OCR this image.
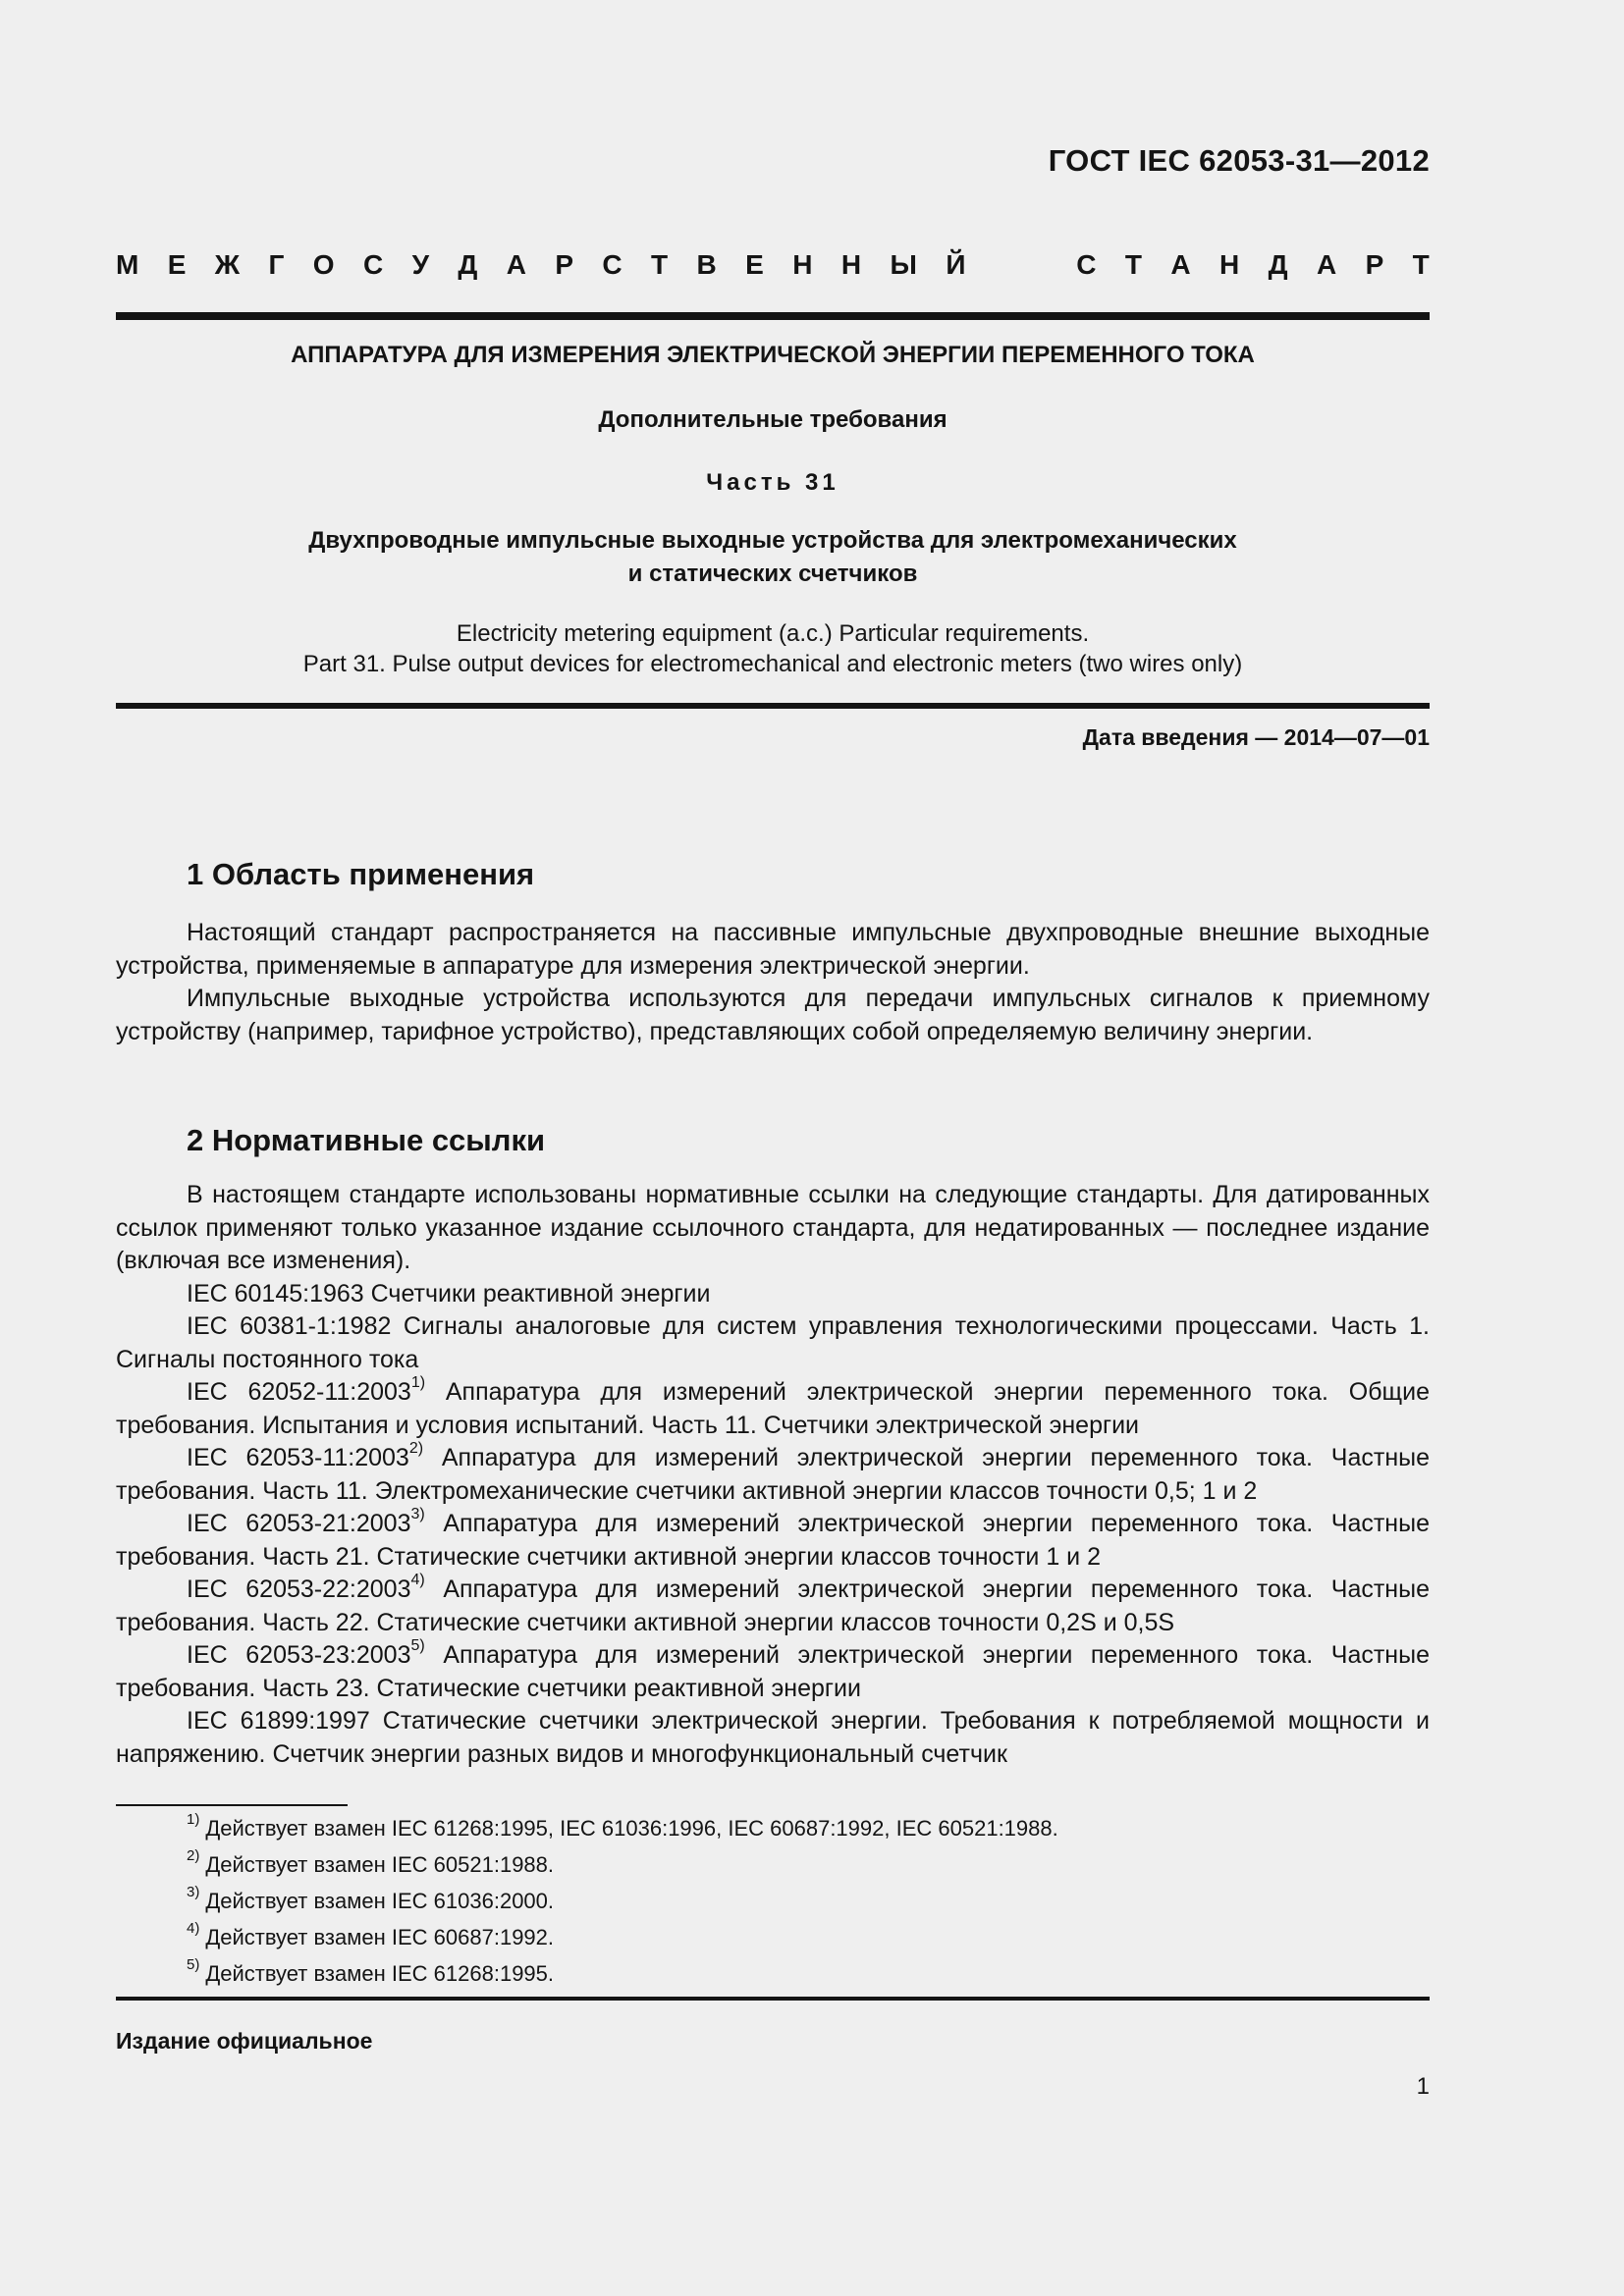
ГОСТ IEC 62053-31—2012
М Е Ж Г О С У Д А Р С Т В Е Н Н Ы Й	С Т А Н Д А Р Т
АППАРАТУРА ДЛЯ ИЗМЕРЕНИЯ ЭЛЕКТРИЧЕСКОЙ ЭНЕРГИИ ПЕРЕМЕННОГО ТОКА
Дополнительные требования
Часть 31
Двухпроводные импульсные выходные устройства для электромеханических
и статических счетчиков
Electricity metering equipment (a.c.) Particular requirements.
Part 31. Pulse output devices for electromechanical and electronic meters (two wires only)
Дата введения — 2014—07—01
1 Область применения

Настоящий стандарт распространяется на пассивные импульсные двухпроводные внешние выходные устройства, применяемые в аппаратуре для измерения электрической энергии.

Импульсные выходные устройства используются для передачи импульсных сигналов к приемному устройству (например, тарифное устройство), представляющих собой определяемую величину энергии.

2 Нормативные ссылки

В настоящем стандарте использованы нормативные ссылки на следующие стандарты. Для датированных ссылок применяют только указанное издание ссылочного стандарта, для недатированных — последнее издание (включая все изменения).

IEC 60145:1963 Счетчики реактивной энергии

IEC 60381-1:1982 Сигналы аналоговые для систем управления технологическими процессами. Часть 1. Сигналы постоянного тока

IEC 62052-11:2003$^{1)}$ Аппаратура для измерений электрической энергии переменного тока. Общие требования. Испытания и условия испытаний. Часть 11. Счетчики электрической энергии

IEC 62053-11:2003$^{2)}$ Аппаратура для измерений электрической энергии переменного тока. Частные требования. Часть 11. Электромеханические счетчики активной энергии классов точности 0,5; 1 и 2

IEC 62053-21:2003$^{3)}$ Аппаратура для измерений электрической энергии переменного тока. Частные требования. Часть 21. Статические счетчики активной энергии классов точности 1 и 2

IEC 62053-22:2003$^{4)}$ Аппаратура для измерений электрической энергии переменного тока. Частные требования. Часть 22. Статические счетчики активной энергии классов точности 0,2S и 0,5S

IEC 62053-23:2003$^{5)}$ Аппаратура для измерений электрической энергии переменного тока. Частные требования. Часть 23. Статические счетчики реактивной энергии

IEC 61899:1997 Статические счетчики электрической энергии. Требования к потребляемой мощности и напряжению. Счетчик энергии разных видов и многофункциональный счетчик

$^{1)}$ Действует взамен IEC 61268:1995, IEC 61036:1996, IEC 60687:1992, IEC 60521:1988.
$^{2)}$ Действует взамен IEC 60521:1988.
$^{3)}$ Действует взамен IEC 61036:2000.
$^{4)}$ Действует взамен IEC 60687:1992.
$^{5)}$ Действует взамен IEC 61268:1995.
Издание официальное
1
